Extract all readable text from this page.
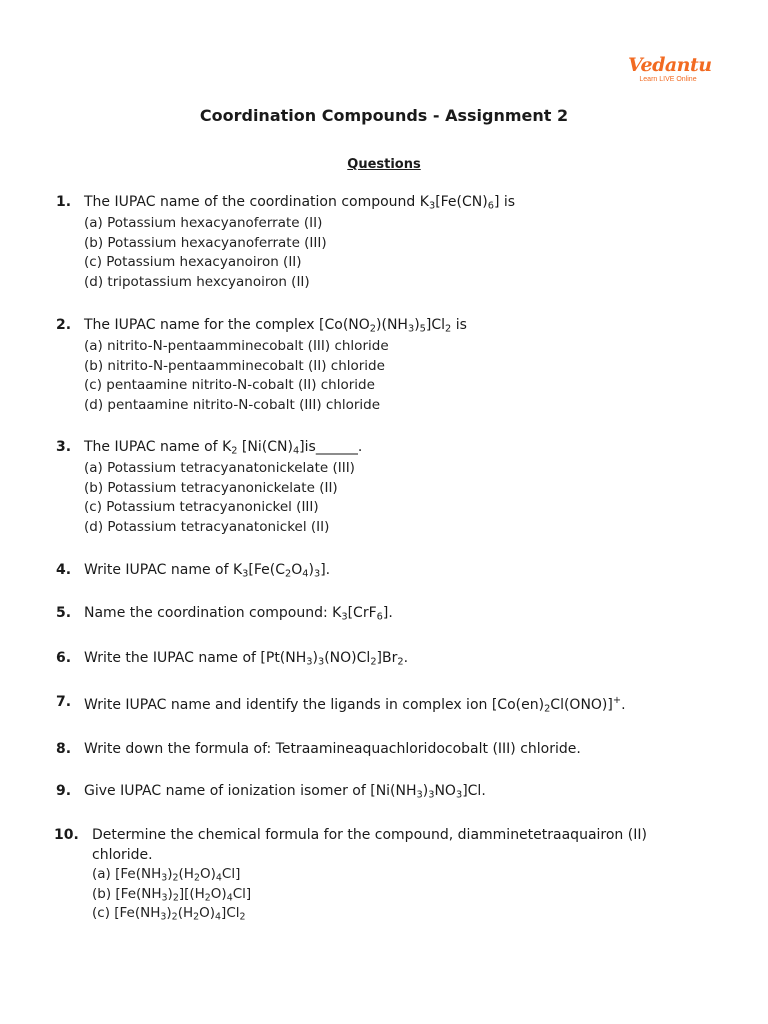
Vedantu
Learn LIVE Online
Coordination Compounds - Assignment 2
Questions
1. The IUPAC name of the coordination compound $K_3[Fe(CN)_6]$ is
(a) Potassium hexacyanoferrate (II)
(b) Potassium hexacyanoferrate (III)
(c) Potassium hexacyanoiron (II)
(d) tripotassium hexcyanoiron (II)
2. The IUPAC name for the complex $[Co(NO_2)(NH_3)_5]Cl_2$ is
(a) nitrito-N-pentaamminecobalt (III) chloride
(b) nitrito-N-pentaamminecobalt (II) chloride
(c) pentaamine nitrito-N-cobalt (II) chloride
(d) pentaamine nitrito-N-cobalt (III) chloride
3. The IUPAC name of $K_2$ $[Ni(CN)_4]is\_\_\_\_\_\_$.
(a) Potassium tetracyanatonickelate (III)
(b) Potassium tetracyanonickelate (II)
(c) Potassium tetracyanonickel (III)
(d) Potassium tetracyanatonickel (II)
4. Write IUPAC name of $K_3[Fe(C_2O_4)_3]$.
5. Name the coordination compound: $K_3[CrF_6]$.
6. Write the IUPAC name of $[Pt(NH_3)_3(NO)Cl_2]Br_2$.
7. Write IUPAC name and identify the ligands in complex ion $[Co(en)_2Cl(ONO)]^+$.
8. Write down the formula of: Tetraamineaquachloridocobalt (III) chloride.
9. Give IUPAC name of ionization isomer of $[Ni(NH_3)_3NO_3]Cl$.
10. Determine the chemical formula for the compound, diamminetetraaquairon (II) chloride.
(a) $[Fe(NH_3)_2(H_2O)_4Cl]$
(b) $[Fe(NH_3)_2][(H_2O)_4Cl]$
(c) $[Fe(NH_3)_2(H_2O)_4]Cl_2$
